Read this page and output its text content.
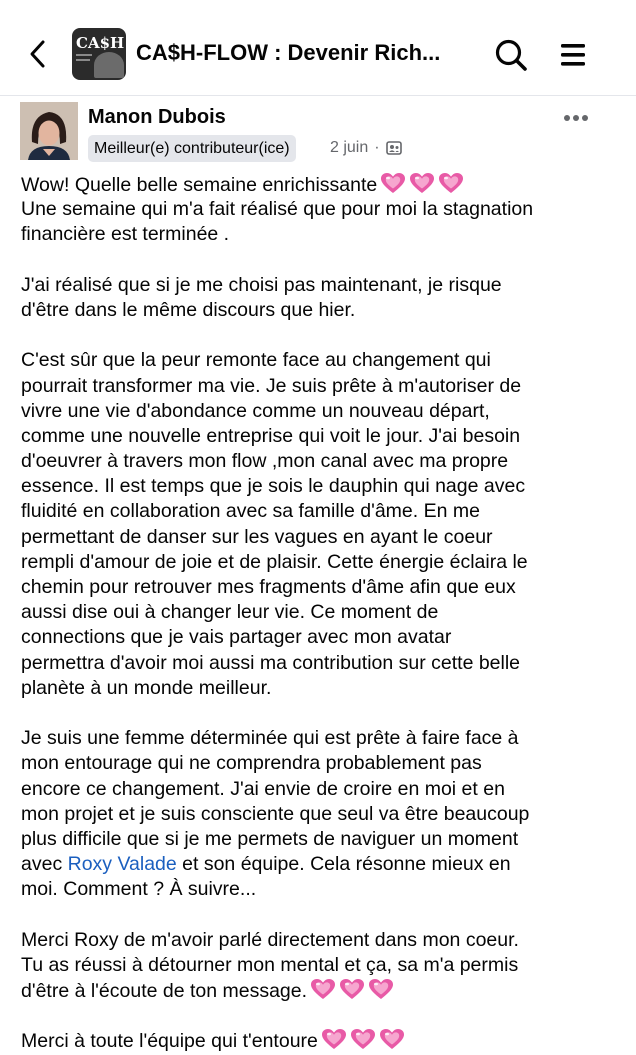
CA$H|low
CA$H-FLOW : Devenir Rich...
Manon Dubois
Meilleur(e) contributeur(ice)	2 juin ·
Wow! Quelle belle semaine enrichissante
Une semaine qui m'a fait réalisé que pour moi la stagnation
financière est terminée .
J'ai réalisé que si je me choisi pas maintenant, je risque
d'être dans le même discours que hier.
C'est sûr que la peur remonte face au changement qui
pourrait transformer ma vie. Je suis prête à m'autoriser de
vivre une vie d'abondance comme un nouveau départ,
comme une nouvelle entreprise qui voit le jour. J'ai besoin
d'oeuvrer à travers mon flow ,mon canal avec ma propre
essence. Il est temps que je sois le dauphin qui nage avec
fluidité en collaboration avec sa famille d'âme. En me
permettant de danser sur les vagues en ayant le coeur
rempli d'amour de joie et de plaisir. Cette énergie éclaira le
chemin pour retrouver mes fragments d'âme afin que eux
aussi dise oui à changer leur vie. Ce moment de
connections que je vais partager avec mon avatar
permettra d'avoir moi aussi ma contribution sur cette belle
planète à un monde meilleur.
Je suis une femme déterminée qui est prête à faire face à
mon entourage qui ne comprendra probablement pas
encore ce changement. J'ai envie de croire en moi et en
mon projet et je suis consciente que seul va être beaucoup
plus difficile que si je me permets de naviguer un moment
avec Roxy Valade et son équipe. Cela résonne mieux en
moi. Comment ? À suivre...
Merci Roxy de m'avoir parlé directement dans mon coeur.
Tu as réussi à détourner mon mental et ça, sa m'a permis
d'être à l'écoute de ton message.
Merci à toute l'équipe qui t'entoure
